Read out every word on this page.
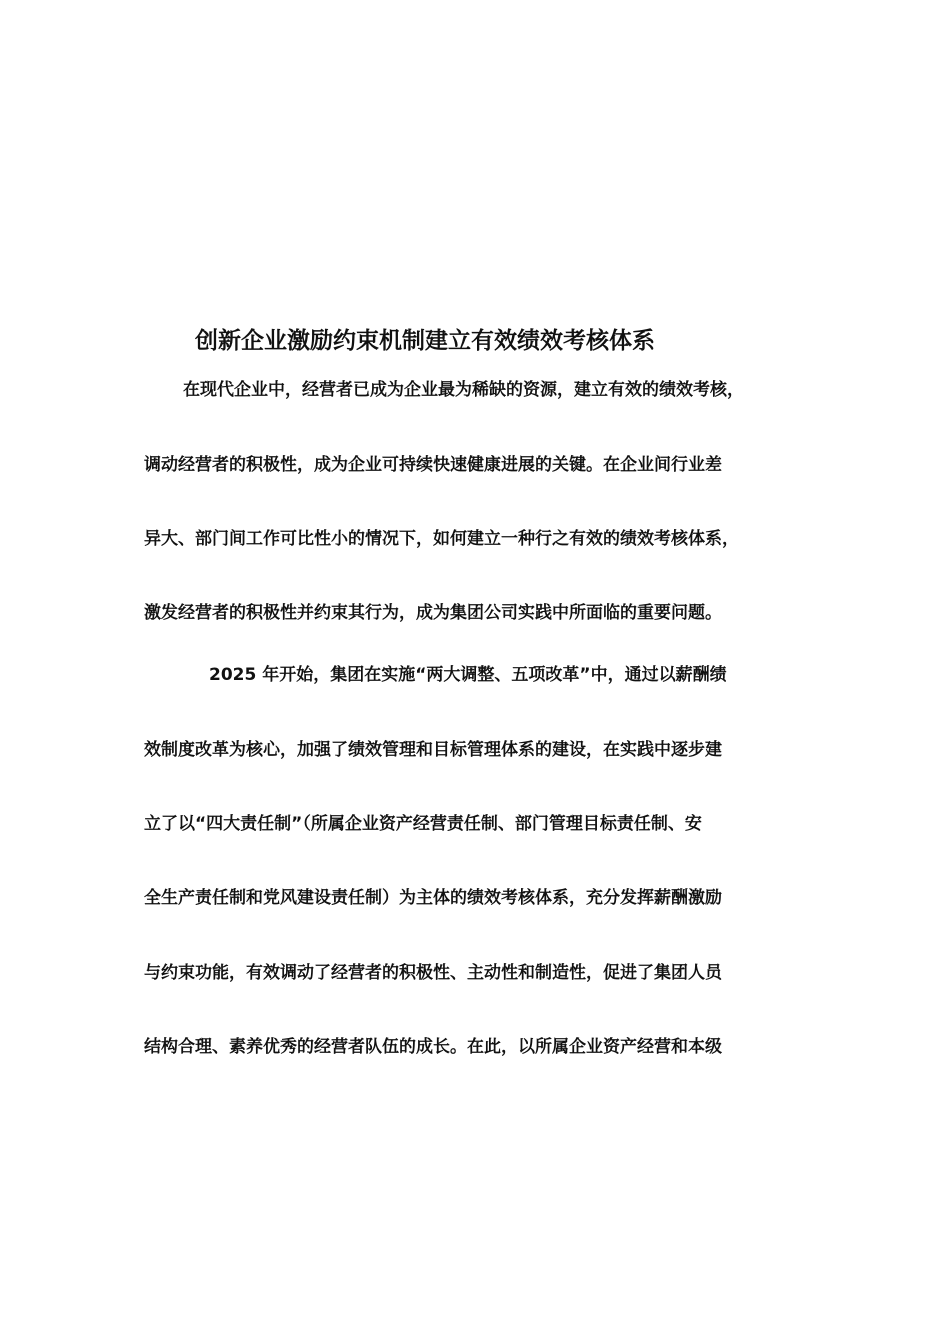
创新企业激励约束机制建立有效绩效考核体系
在现代企业中，经营者已成为企业最为稀缺的资源，建立有效的绩效考核，
调动经营者的积极性，成为企业可持续快速健康进展的关键。在企业间行业差
异大、部门间工作可比性小的情况下，如何建立一种行之有效的绩效考核体系，
激发经营者的积极性并约束其行为，成为集团公司实践中所面临的重要问题。
2025 年开始，集团在实施“两大调整、五项改革”中，通过以薪酬绩
效制度改革为核心，加强了绩效管理和目标管理体系的建设，在实践中逐步建
立了以“四大责任制”（所属企业资产经营责任制、部门管理目标责任制、安
全生产责任制和党风建设责任制）为主体的绩效考核体系，充分发挥薪酬激励
与约束功能，有效调动了经营者的积极性、主动性和制造性，促进了集团人员
结构合理、素养优秀的经营者队伍的成长。在此，以所属企业资产经营和本级
